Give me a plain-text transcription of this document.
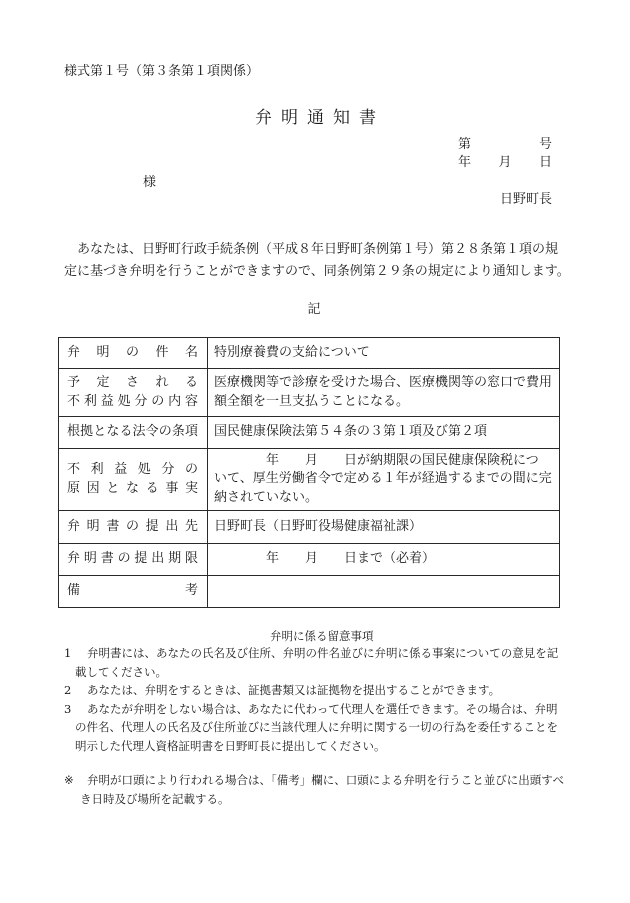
様式第１号（第３条第１項関係）
弁明通知書
第	号
年 月 日
様
日野町長
あなたは、日野町行政手続条例（平成８年日野町条例第１号）第２８条第１項の規
定に基づき弁明を行うことができますので、同条例第２９条の規定により通知します。
記
弁明の件名	特別療養費の支給について

予定される
不利益処分の内容	医療機関等で診療を受けた場合、医療機関等の窓口で費用
額全額を一旦支払うことになる。

根拠となる法令の条項	国民健康保険法第５４条の３第１項及び第２項

不利益処分の
原因となる事実	　　　　年　　月　　日が納期限の国民健康保険税につ
いて、厚生労働省令で定める１年が経過するまでの間に完
納されていない。

弁明書の提出先	日野町長（日野町役場健康福祉課）

弁明書の提出期限	　　　　年　　月　　日まで（必着）

備考	

弁明に係る留意事項
1 弁明書には、あなたの氏名及び住所、弁明の件名並びに弁明に係る事案についての意見を記
載してください。
2 あなたは、弁明をするときは、証拠書類又は証拠物を提出することができます。
3 あなたが弁明をしない場合は、あなたに代わって代理人を選任できます。その場合は、弁明
の件名、代理人の氏名及び住所並びに当該代理人に弁明に関する一切の行為を委任することを
明示した代理人資格証明書を日野町長に提出してください。
※ 弁明が口頭により行われる場合は、「備考」欄に、口頭による弁明を行うこと並びに出頭すべ
き日時及び場所を記載する。
